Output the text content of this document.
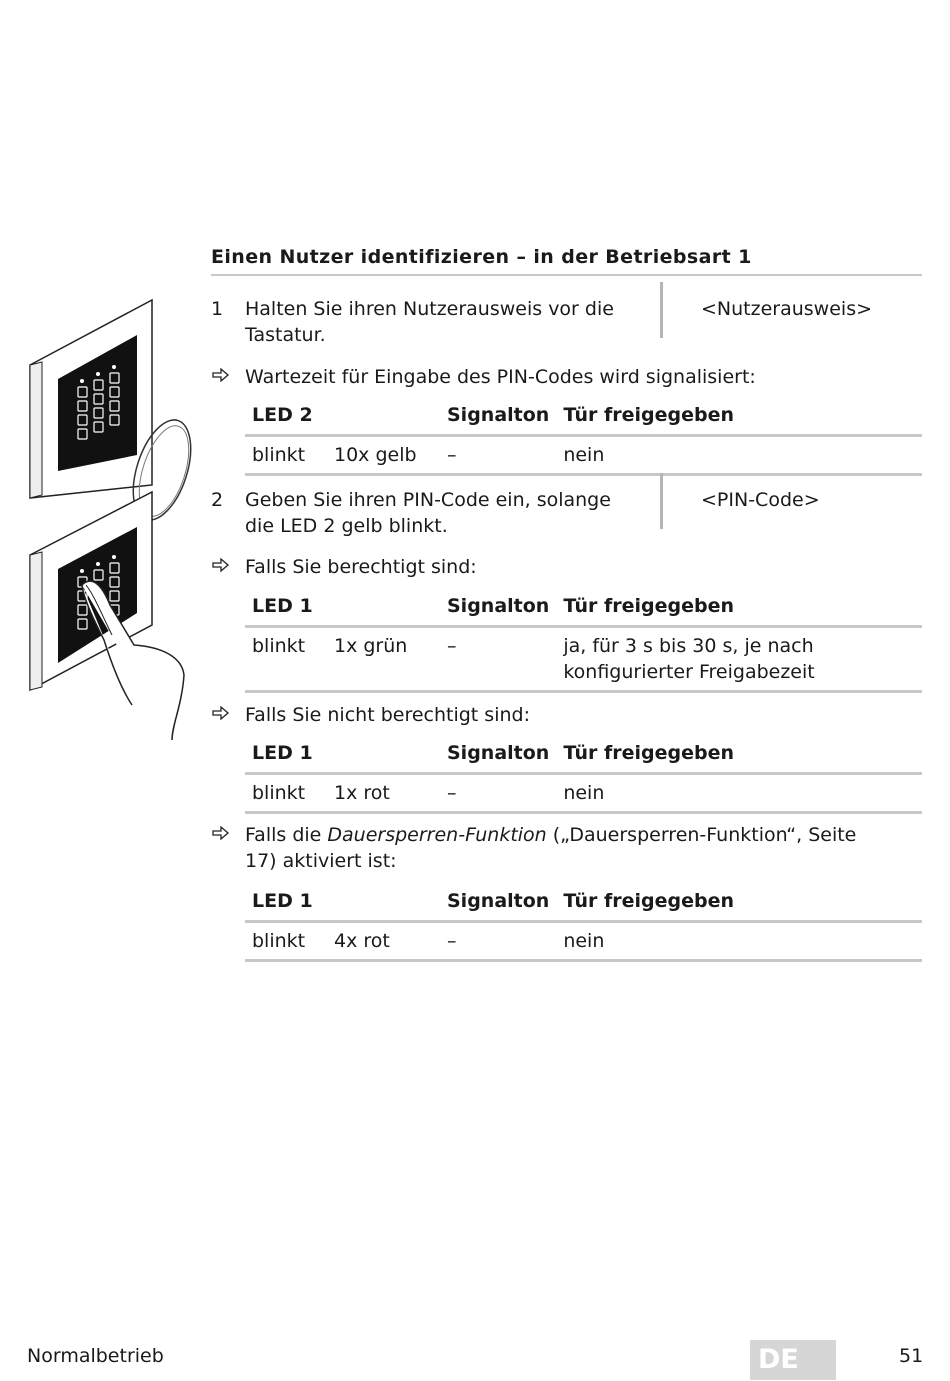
Einen Nutzer identifizieren – in der Betriebsart 1
1 Halten Sie ihren Nutzerausweis vor die Tastatur.
<Nutzerausweis>
Wartezeit für Eingabe des PIN-Codes wird signalisiert:
LED 2		Signalton	Tür freigegeben
blinkt	10x gelb	–	nein
2 Geben Sie ihren PIN-Code ein, solange die LED 2 gelb blinkt.
<PIN-Code>
Falls Sie berechtigt sind:
LED 1		Signalton	Tür freigegeben
blinkt	1x grün	–	ja, für 3 s bis 30 s, je nach konfigurierter Freigabezeit
Falls Sie nicht berechtigt sind:
LED 1		Signalton	Tür freigegeben
blinkt	1x rot	–	nein
Falls die Dauersperren-Funktion („Dauersperren-Funktion“, Seite 17) aktiviert ist:
LED 1		Signalton	Tür freigegeben
blinkt	4x rot	–	nein
Normalbetrieb	DE	51
